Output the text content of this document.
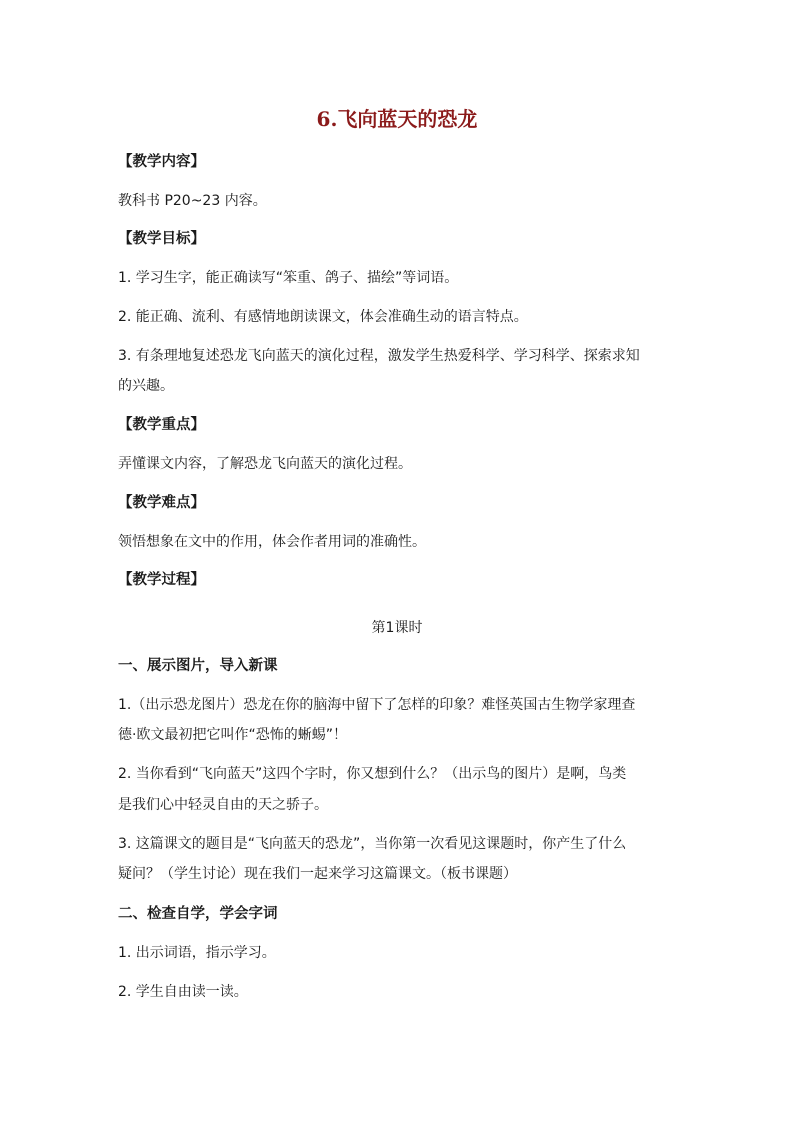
6.飞向蓝天的恐龙
【教学内容】
教科书 P20~23 内容。
【教学目标】
1. 学习生字，能正确读写“笨重、鸽子、描绘”等词语。
2. 能正确、流利、有感情地朗读课文，体会准确生动的语言特点。
3. 有条理地复述恐龙飞向蓝天的演化过程，激发学生热爱科学、学习科学、探索求知
的兴趣。
【教学重点】
弄懂课文内容，了解恐龙飞向蓝天的演化过程。
【教学难点】
领悟想象在文中的作用，体会作者用词的准确性。
【教学过程】
第1课时
一、展示图片，导入新课
1.（出示恐龙图片）恐龙在你的脑海中留下了怎样的印象？难怪英国古生物学家理查
德·欧文最初把它叫作“恐怖的蜥蜴”！
2. 当你看到“飞向蓝天”这四个字时，你又想到什么？（出示鸟的图片）是啊，鸟类
是我们心中轻灵自由的天之骄子。
3. 这篇课文的题目是“飞向蓝天的恐龙”，当你第一次看见这课题时，你产生了什么
疑问？（学生讨论）现在我们一起来学习这篇课文。（板书课题）
二、检查自学，学会字词
1. 出示词语，指示学习。
2. 学生自由读一读。
